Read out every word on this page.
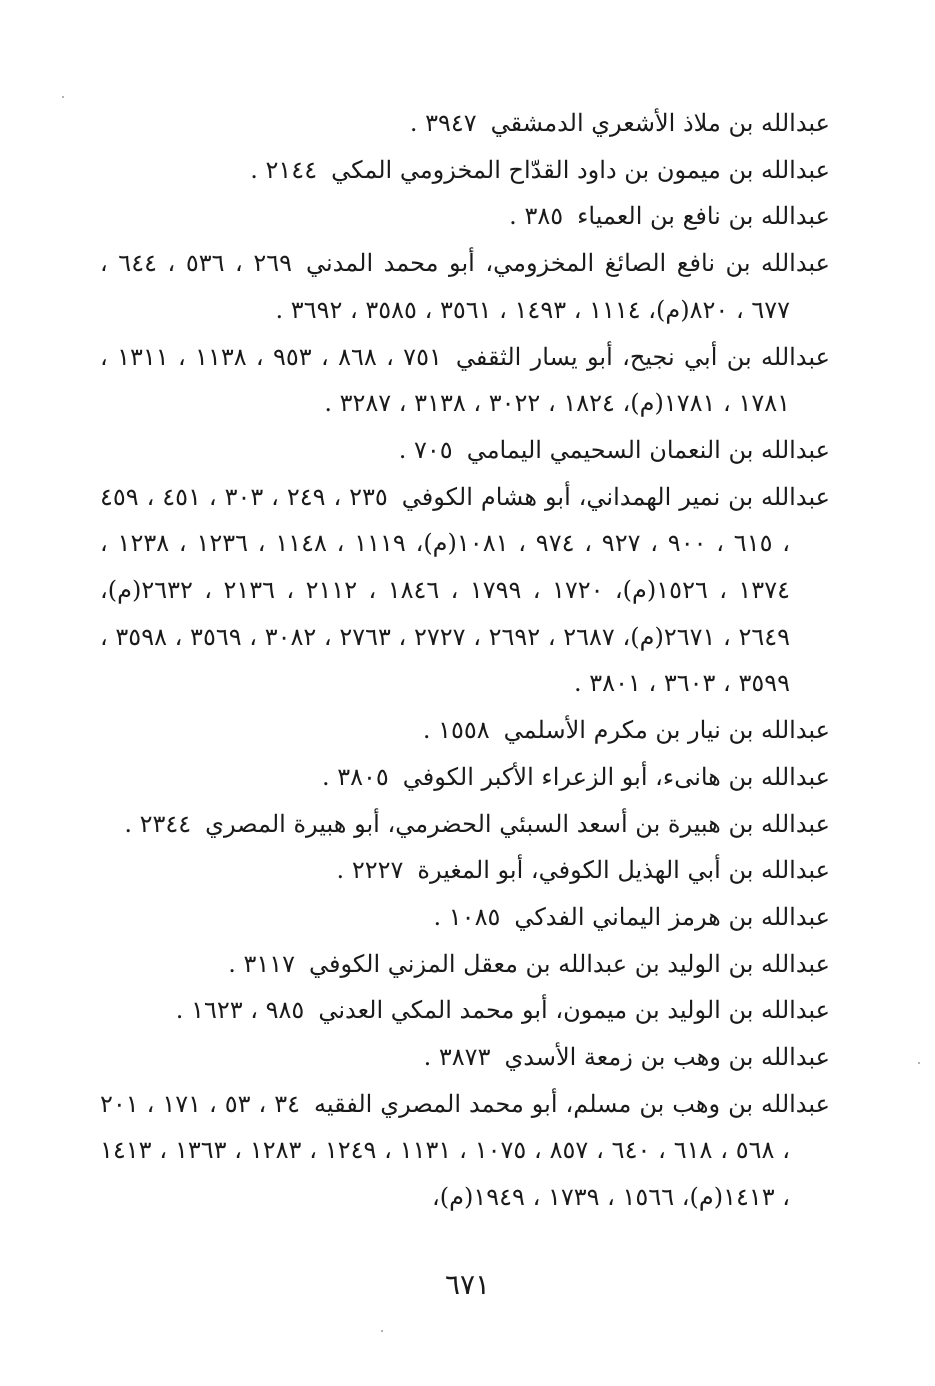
عبدالله بن ملاذ الأشعري الدمشقي٣٩٤٧ .
عبدالله بن ميمون بن داود القدّاح المخزومي المكي٢١٤٤ .
عبدالله بن نافع بن العمياء٣٨٥ .
عبدالله بن نافع الصائغ المخزومي، أبو محمد المدني٢٦٩ ، ٥٣٦ ، ٦٤٤ ، ٦٧٧ ، ٨٢٠(م)، ١١١٤ ، ١٤٩٣ ، ٣٥٦١ ، ٣٥٨٥ ، ٣٦٩٢ .
عبدالله بن أبي نجيح، أبو يسار الثقفي٧٥١ ، ٨٦٨ ، ٩٥٣ ، ١١٣٨ ، ١٣١١ ، ١٧٨١ ، ١٧٨١(م)، ١٨٢٤ ، ٣٠٢٢ ، ٣١٣٨ ، ٣٢٨٧ .
عبدالله بن النعمان السحيمي اليمامي٧٠٥ .
عبدالله بن نمير الهمداني، أبو هشام الكوفي٢٣٥ ، ٢٤٩ ، ٣٠٣ ، ٤٥١ ، ٤٥٩ ، ٦١٥ ، ٩٠٠ ، ٩٢٧ ، ٩٧٤ ، ١٠٨١(م)، ١١١٩ ، ١١٤٨ ، ١٢٣٦ ، ١٢٣٨ ، ١٣٧٤ ، ١٥٢٦(م)، ١٧٢٠ ، ١٧٩٩ ، ١٨٤٦ ، ٢١١٢ ، ٢١٣٦ ، ٢٦٣٢(م)، ٢٦٤٩ ، ٢٦٧١(م)، ٢٦٨٧ ، ٢٦٩٢ ، ٢٧٢٧ ، ٢٧٦٣ ، ٣٠٨٢ ، ٣٥٦٩ ، ٣٥٩٨ ، ٣٥٩٩ ، ٣٦٠٣ ، ٣٨٠١ .
عبدالله بن نيار بن مكرم الأسلمي١٥٥٨ .
عبدالله بن هانىء، أبو الزعراء الأكبر الكوفي٣٨٠٥ .
عبدالله بن هبيرة بن أسعد السبئي الحضرمي، أبو هبيرة المصري٢٣٤٤ .
عبدالله بن أبي الهذيل الكوفي، أبو المغيرة٢٢٢٧ .
عبدالله بن هرمز اليماني الفدكي١٠٨٥ .
عبدالله بن الوليد بن عبدالله بن معقل المزني الكوفي٣١١٧ .
عبدالله بن الوليد بن ميمون، أبو محمد المكي العدني٩٨٥ ، ١٦٢٣ .
عبدالله بن وهب بن زمعة الأسدي٣٨٧٣ .
عبدالله بن وهب بن مسلم، أبو محمد المصري الفقيه٣٤ ، ٥٣ ، ١٧١ ، ٢٠١ ، ٥٦٨ ، ٦١٨ ، ٦٤٠ ، ٨٥٧ ، ١٠٧٥ ، ١١٣١ ، ١٢٤٩ ، ١٢٨٣ ، ١٣٦٣ ، ١٤١٣ ، ١٤١٣(م)، ١٥٦٦ ، ١٧٣٩ ، ١٩٤٩(م)،
٦٧١
